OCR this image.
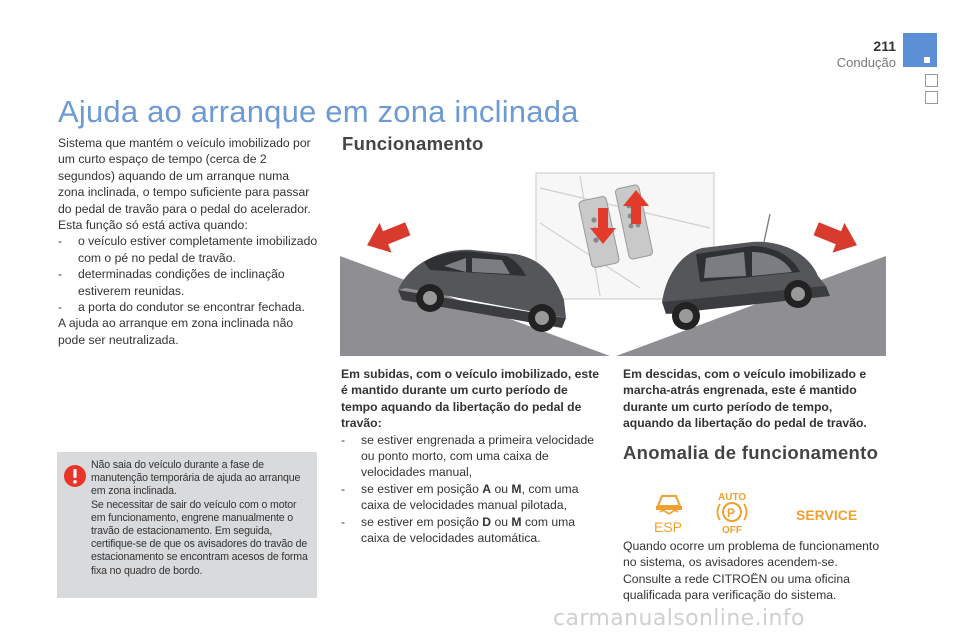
211
Condução
Ajuda ao arranque em zona inclinada

Sistema que mantém o veículo imobilizado por um curto espaço de tempo (cerca de 2 segundos) aquando de um arranque numa zona inclinada, o tempo suficiente para passar do pedal de travão para o pedal do acelerador.

Esta função só está activa quando:

- o veículo estiver completamente imobilizado com o pé no pedal de travão.
- determinadas condições de inclinação estiverem reunidas.
- a porta do condutor se encontrar fechada.

A ajuda ao arranque em zona inclinada não pode ser neutralizada.

Não saia do veículo durante a fase de manutenção temporária de ajuda ao arranque em zona inclinada.
Se necessitar de sair do veículo com o motor em funcionamento, engrene manualmente o travão de estacionamento. Em seguida, certifique-se de que os avisadores do travão de estacionamento se encontram acesos de forma fixa no quadro de bordo.
Funcionamento

Em subidas, com o veículo imobilizado, este é mantido durante um curto período de tempo aquando da libertação do pedal de travão:

- se estiver engrenada a primeira velocidade ou ponto morto, com uma caixa de velocidades manual,
- se estiver em posição A ou M, com uma caixa de velocidades manual pilotada,
- se estiver em posição D ou M com uma caixa de velocidades automática.

Em descidas, com o veículo imobilizado e marcha-atrás engrenada, este é mantido durante um curto período de tempo, aquando da libertação do pedal de travão.

Anomalia de funcionamento
ESP
AUTO
P
OFF
SERVICE
Quando ocorre um problema de funcionamento no sistema, os avisadores acendem-se. Consulte a rede CITROËN ou uma oficina qualificada para verificação do sistema.
carmanualsonline.info
